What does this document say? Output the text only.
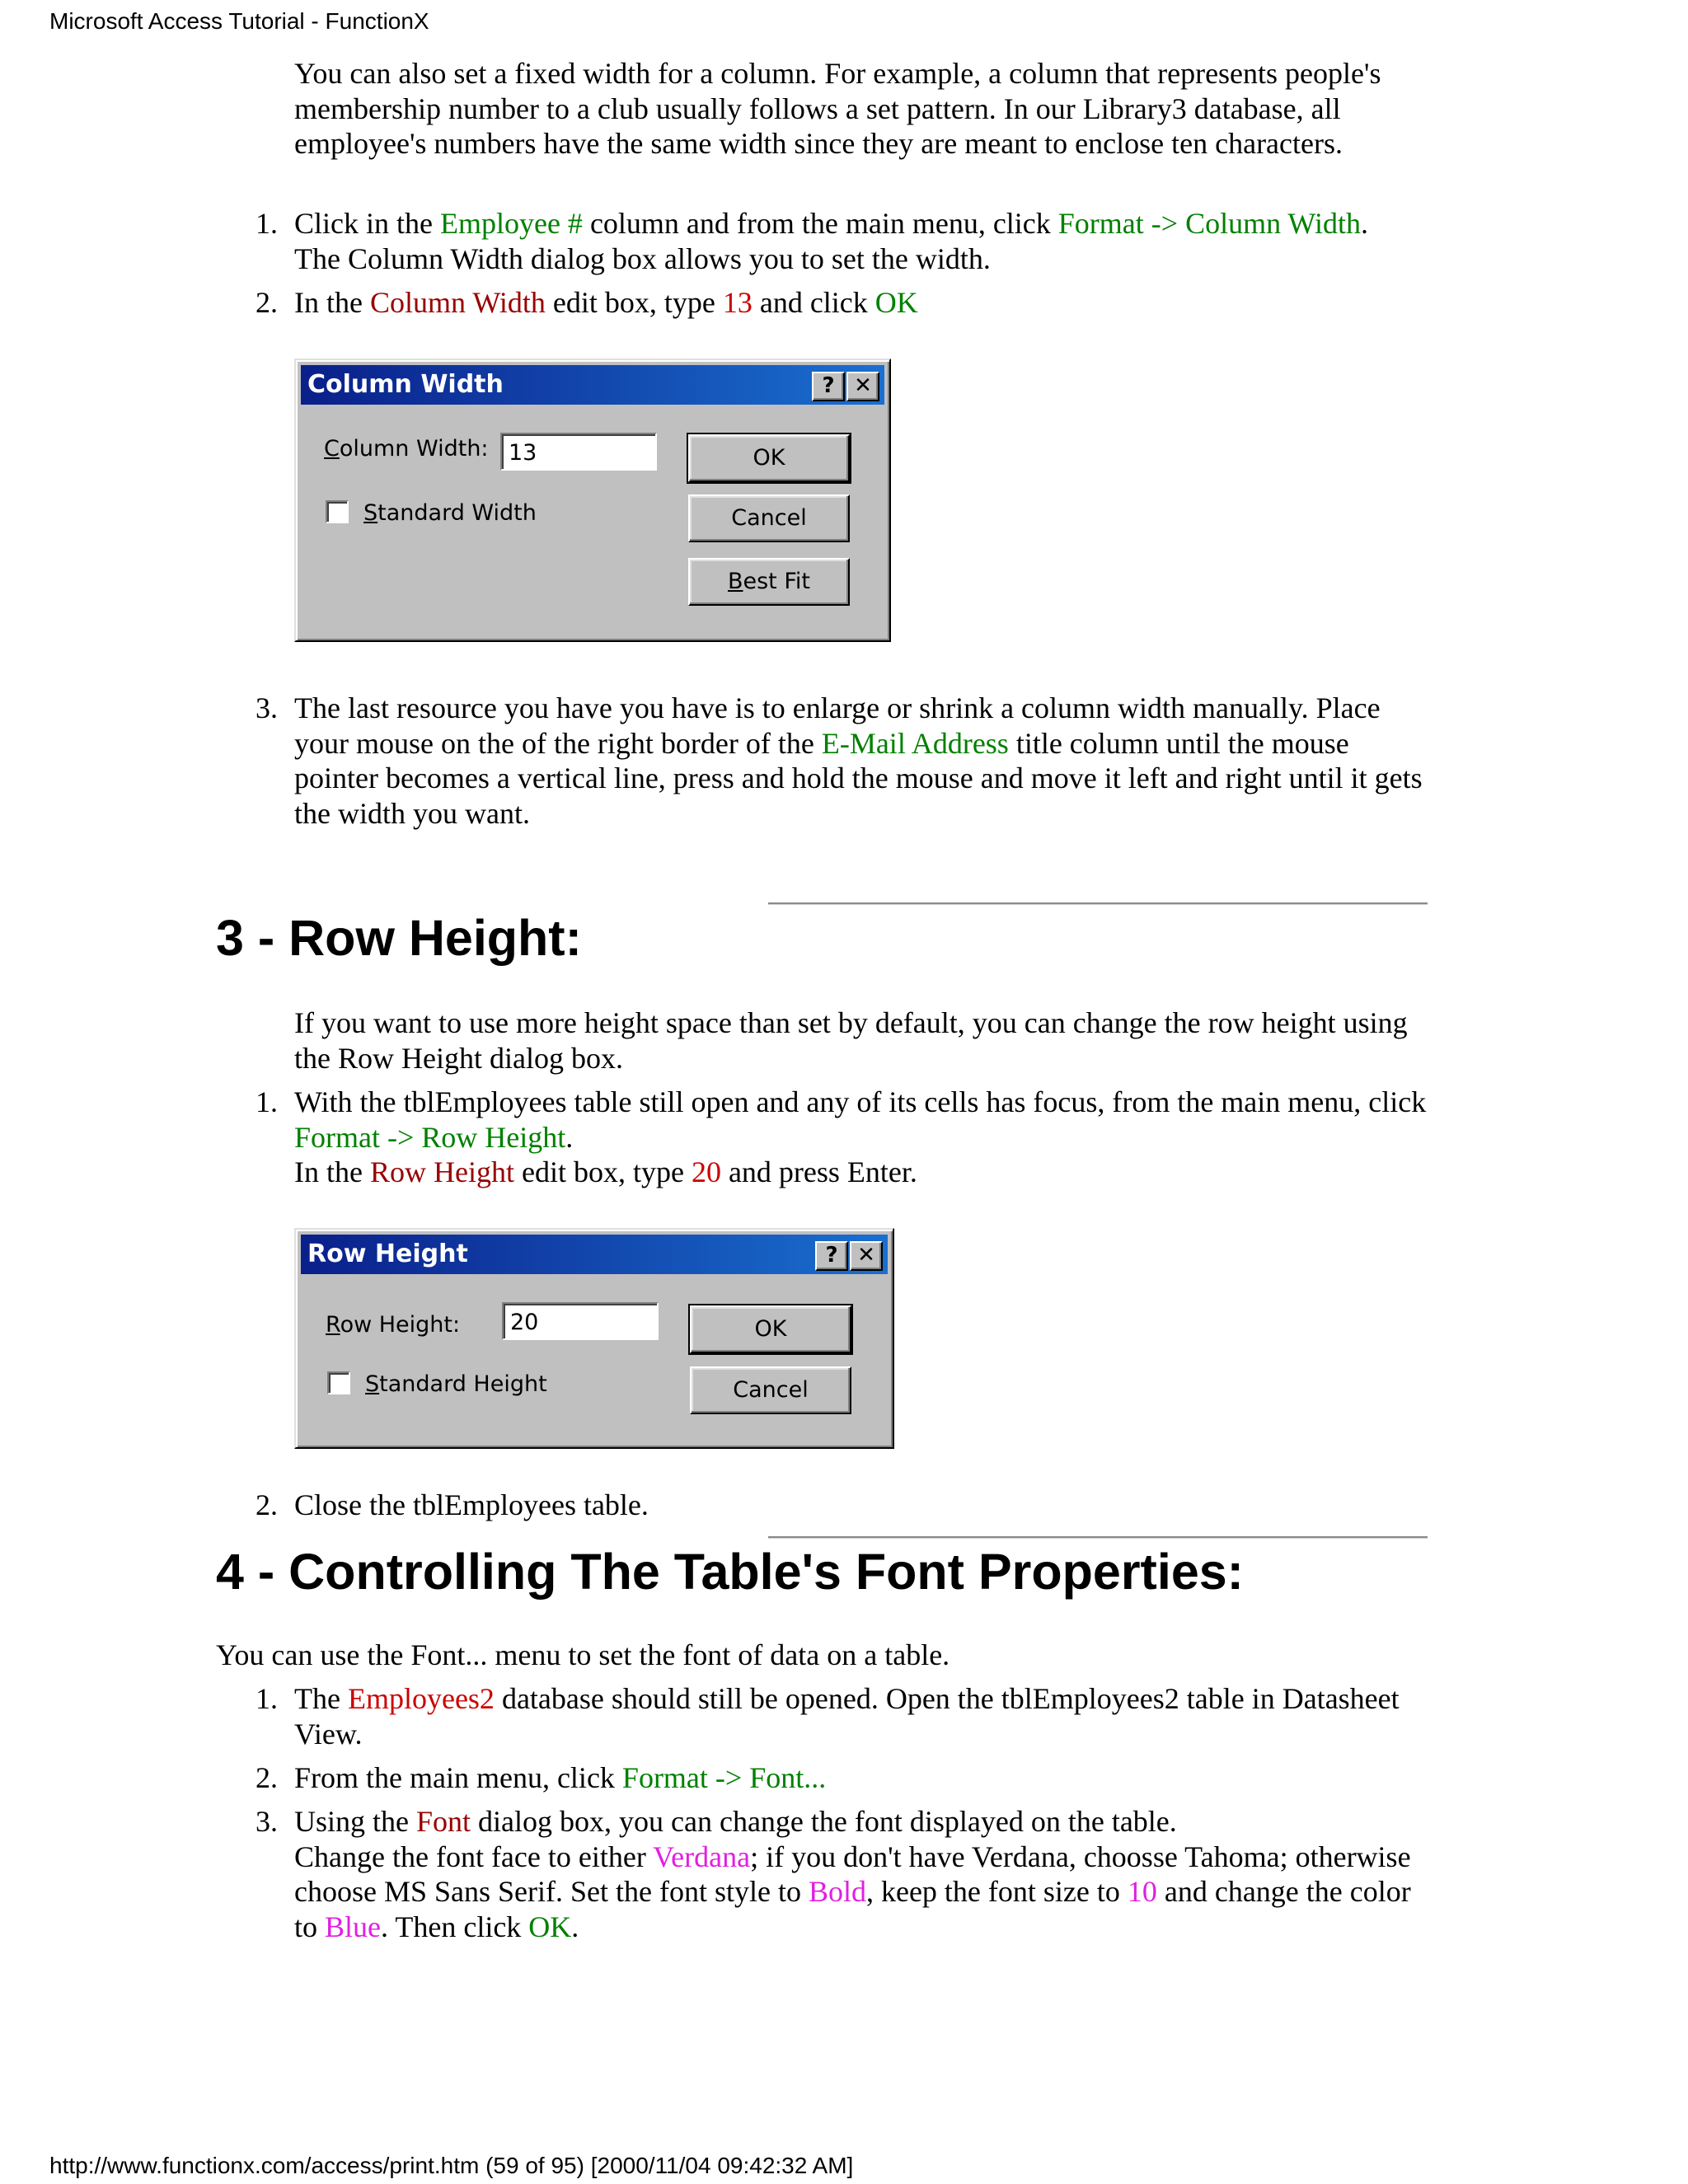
Microsoft Access Tutorial - FunctionX

You can also set a fixed width for a column. For example, a column that represents people's membership number to a club usually follows a set pattern. In our Library3 database, all employee's numbers have the same width since they are meant to enclose ten characters.

1. Click in the Employee # column and from the main menu, click Format -> Column Width.
The Column Width dialog box allows you to set the width.
2. In the Column Width edit box, type 13 and click OK
Column Width	? ✕
Column Width: 13
Standard Width
OK
Cancel
Best Fit
3. The last resource you have you have is to enlarge or shrink a column width manually. Place your mouse on the of the right border of the E-Mail Address title column until the mouse pointer becomes a vertical line, press and hold the mouse and move it left and right until it gets the width you want.
3 - Row Height:

If you want to use more height space than set by default, you can change the row height using the Row Height dialog box.

1. With the tblEmployees table still open and any of its cells has focus, from the main menu, click Format -> Row Height.
In the Row Height edit box, type 20 and press Enter.
Row Height	? ✕
Row Height:	20
Standard Height
OK
Cancel
2. Close the tblEmployees table.
4 - Controlling The Table's Font Properties:

You can use the Font... menu to set the font of data on a table.

1. The Employees2 database should still be opened. Open the tblEmployees2 table in Datasheet View.
2. From the main menu, click Format -> Font...
3. Using the Font dialog box, you can change the font displayed on the table.
Change the font face to either Verdana; if you don't have Verdana, choosse Tahoma; otherwise choose MS Sans Serif. Set the font style to Bold, keep the font size to 10 and change the color to Blue. Then click OK.
http://www.functionx.com/access/print.htm (59 of 95) [2000/11/04 09:42:32 AM]
